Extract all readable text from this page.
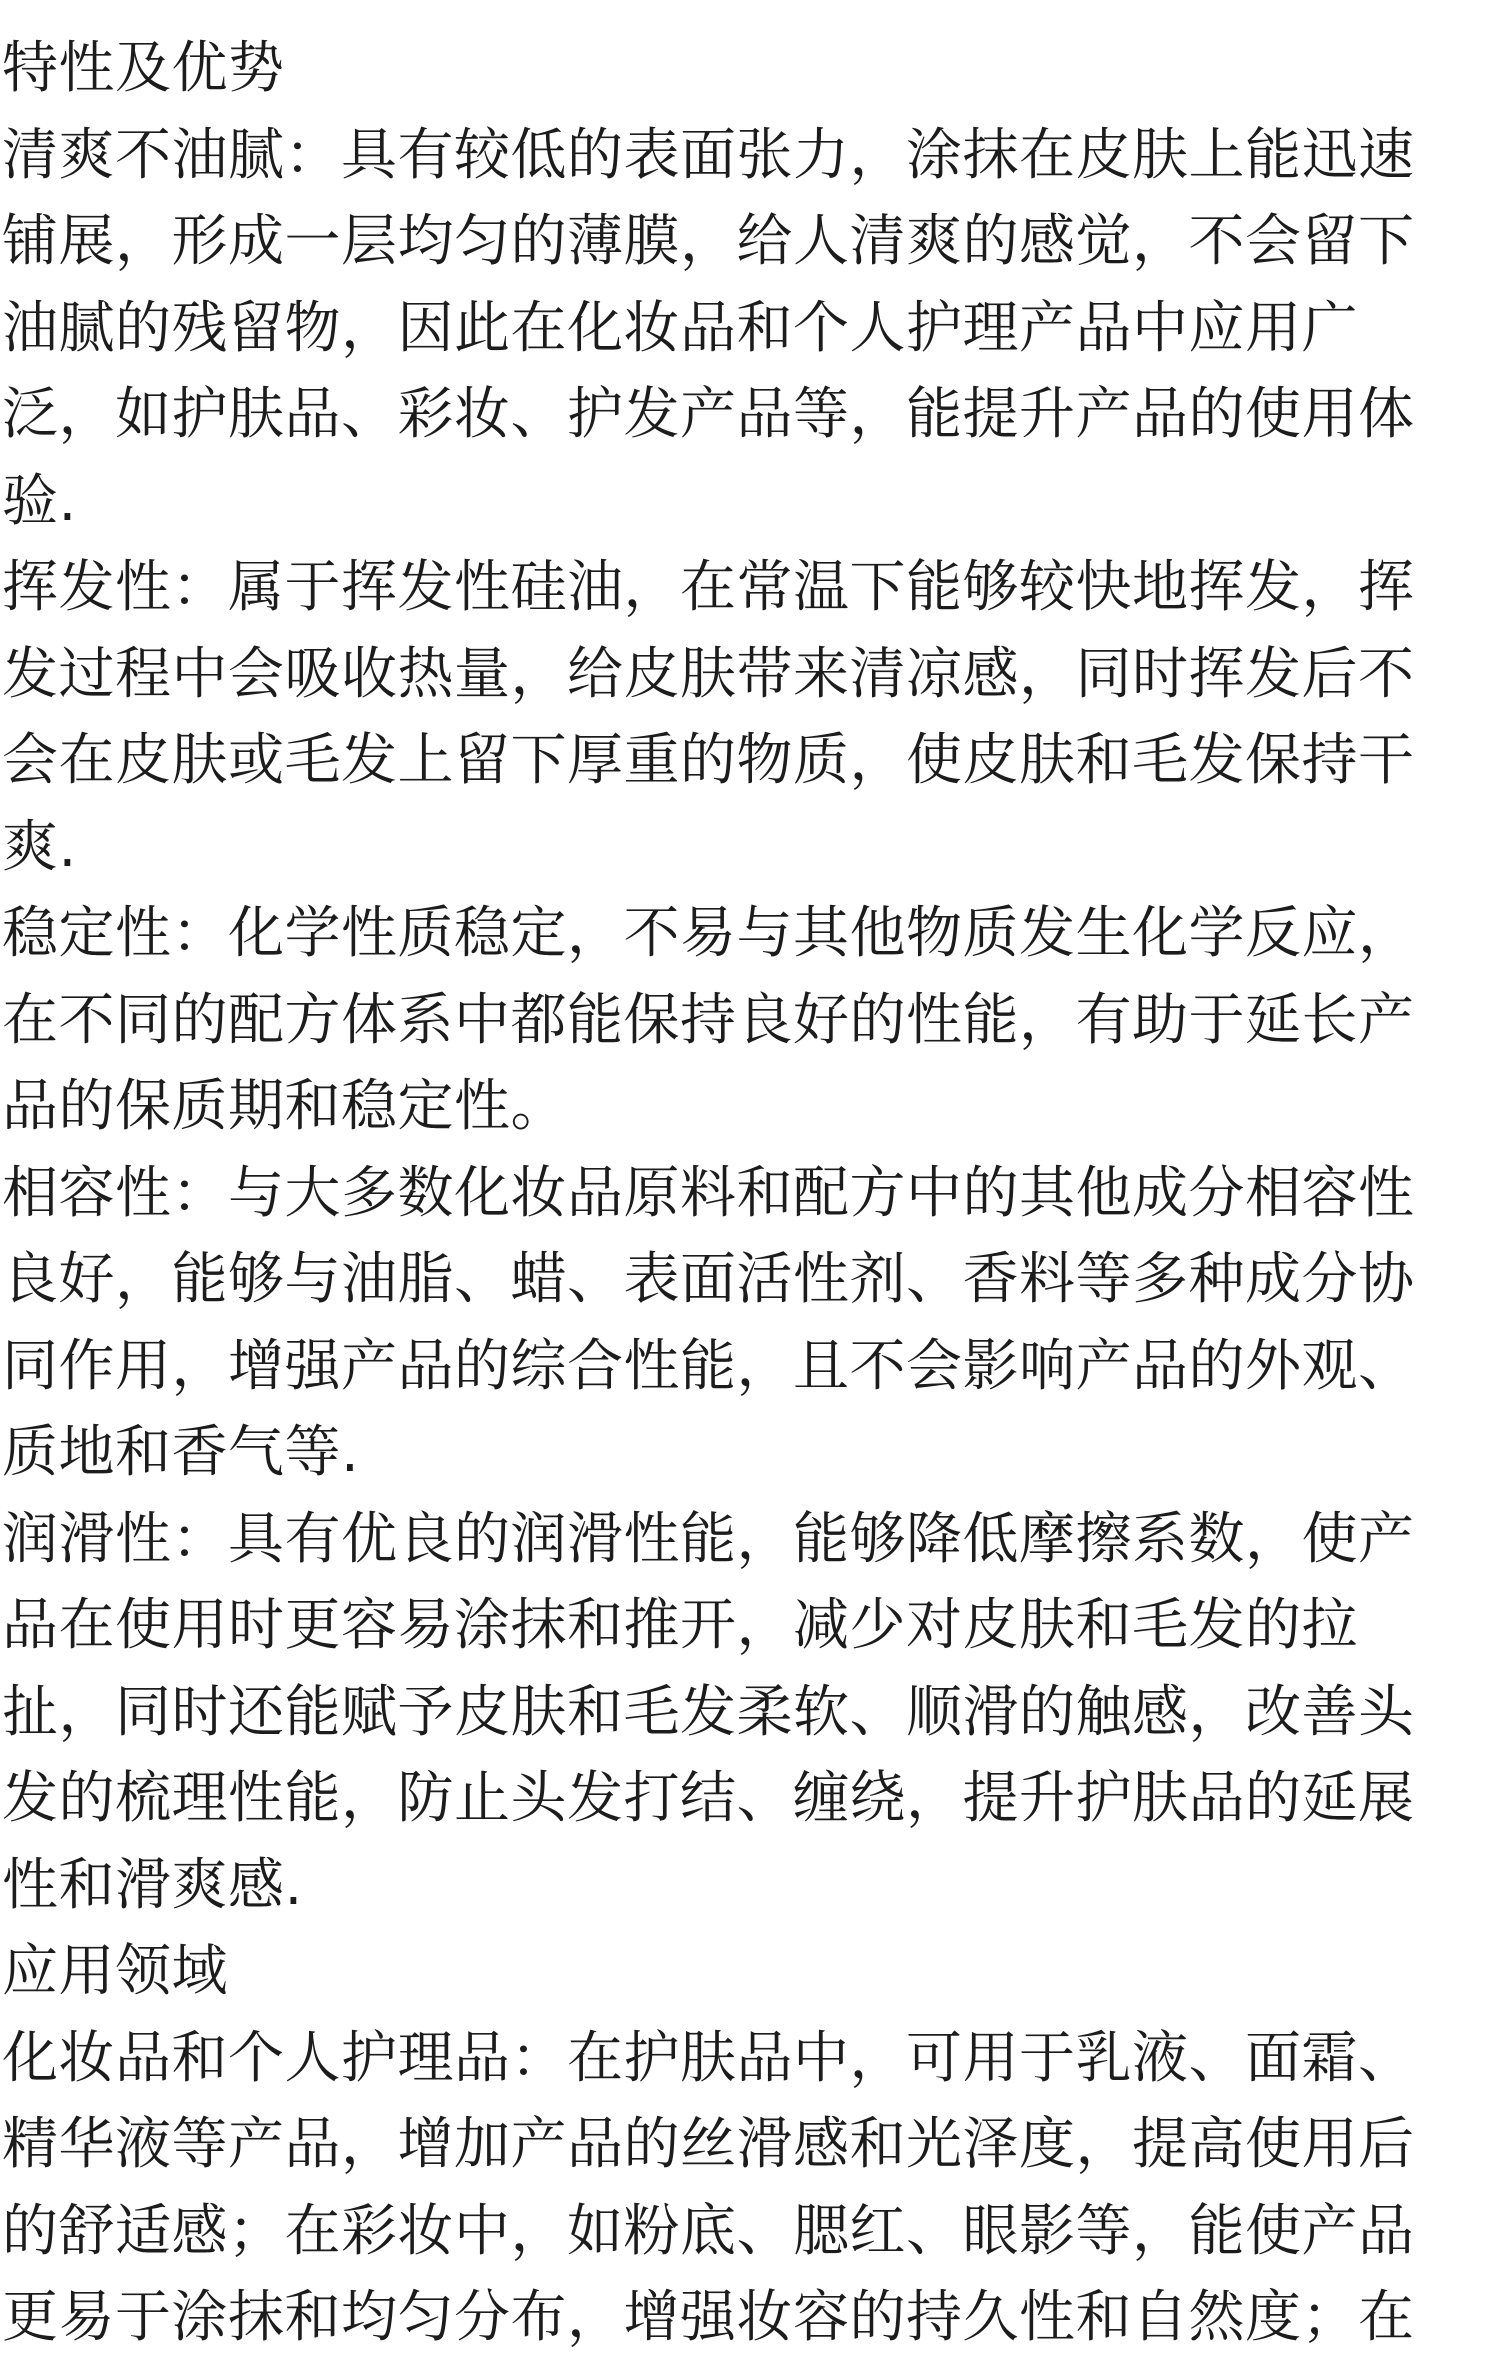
特性及优势

清爽不油腻：具有较低的表面张力，涂抹在皮肤上能迅速铺展，形成一层均匀的薄膜，给人清爽的感觉，不会留下油腻的残留物，因此在化妆品和个人护理产品中应用广泛，如护肤品、彩妆、护发产品等，能提升产品的使用体验.

挥发性：属于挥发性硅油，在常温下能够较快地挥发，挥发过程中会吸收热量，给皮肤带来清凉感，同时挥发后不会在皮肤或毛发上留下厚重的物质，使皮肤和毛发保持干爽.

稳定性：化学性质稳定，不易与其他物质发生化学反应，在不同的配方体系中都能保持良好的性能，有助于延长产品的保质期和稳定性。

相容性：与大多数化妆品原料和配方中的其他成分相容性良好，能够与油脂、蜡、表面活性剂、香料等多种成分协同作用，增强产品的综合性能，且不会影响产品的外观、质地和香气等.

润滑性：具有优良的润滑性能，能够降低摩擦系数，使产品在使用时更容易涂抹和推开，减少对皮肤和毛发的拉扯，同时还能赋予皮肤和毛发柔软、顺滑的触感，改善头发的梳理性能，防止头发打结、缠绕，提升护肤品的延展性和滑爽感.

应用领域

化妆品和个人护理品：在护肤品中，可用于乳液、面霜、精华液等产品，增加产品的丝滑感和光泽度，提高使用后的舒适感；在彩妆中，如粉底、腮红、眼影等，能使产品更易于涂抹和均匀分布，增强妆容的持久性和自然度；在
